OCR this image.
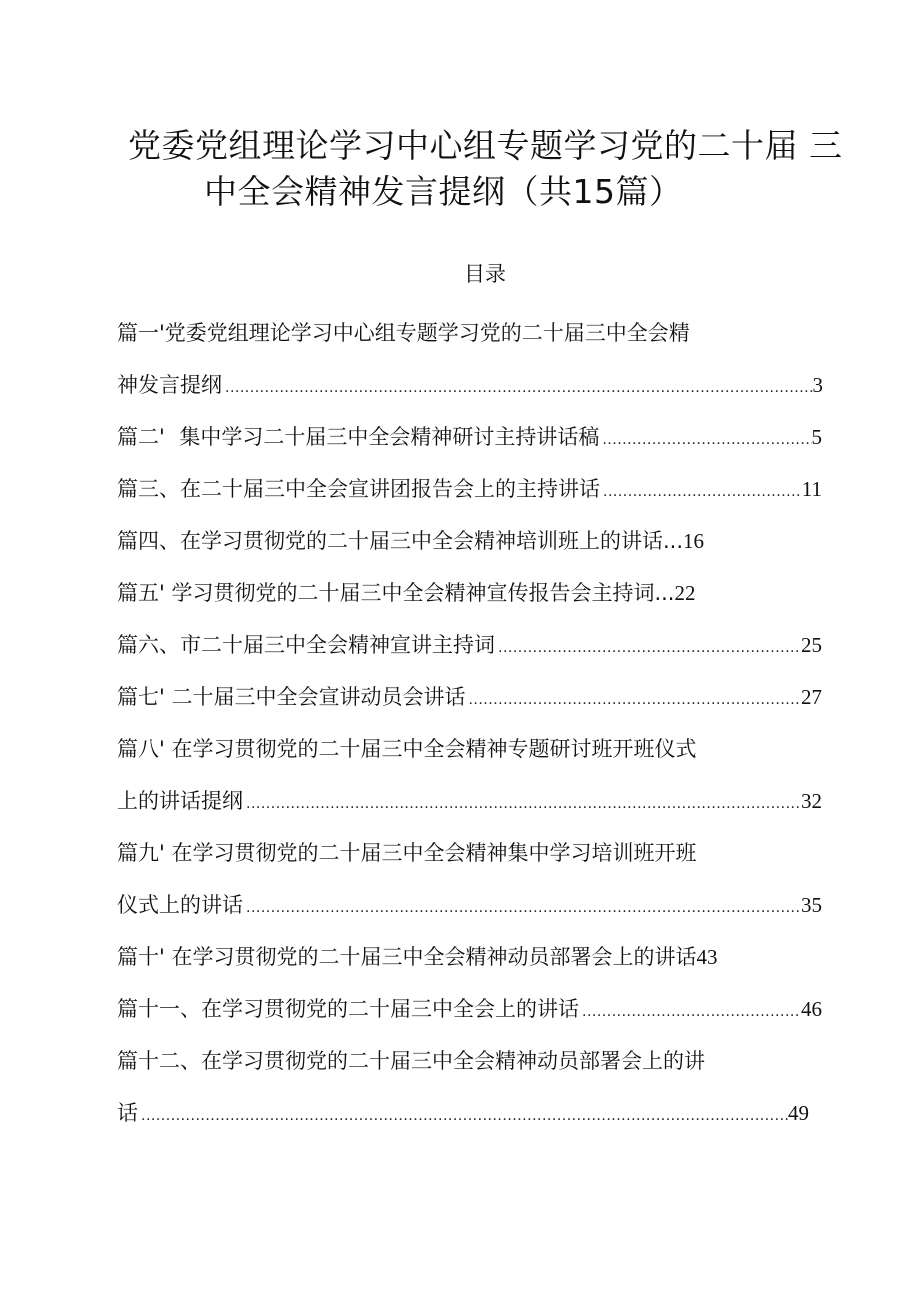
党委党组理论学习中心组专题学习党的二十届 三
中全会精神发言提纲（共15篇）
目录
篇一'党委党组理论学习中心组专题学习党的二十届三中全会精
神发言提纲 .....	3
篇二' 集中学习二十届三中全会精神研讨主持讲话稿 .....	5
篇三、在二十届三中全会宣讲团报告会上的主持讲话 .....	11
篇四、在学习贯彻党的二十届三中全会精神培训班上的讲话 ... 16
篇五' 学习贯彻党的二十届三中全会精神宣传报告会主持词 ... 22
篇六、市二十届三中全会精神宣讲主持词 .....	25
篇七' 二十届三中全会宣讲动员会讲话 .....	27
篇八' 在学习贯彻党的二十届三中全会精神专题研讨班开班仪式
上的讲话提纲 .....	32
篇九' 在学习贯彻党的二十届三中全会精神集中学习培训班开班
仪式上的讲话 .....	35
篇十' 在学习贯彻党的二十届三中全会精神动员部署会上的讲话 43
篇十一、在学习贯彻党的二十届三中全会上的讲话 .....	46
篇十二、在学习贯彻党的二十届三中全会精神动员部署会上的讲
话 .....	49
